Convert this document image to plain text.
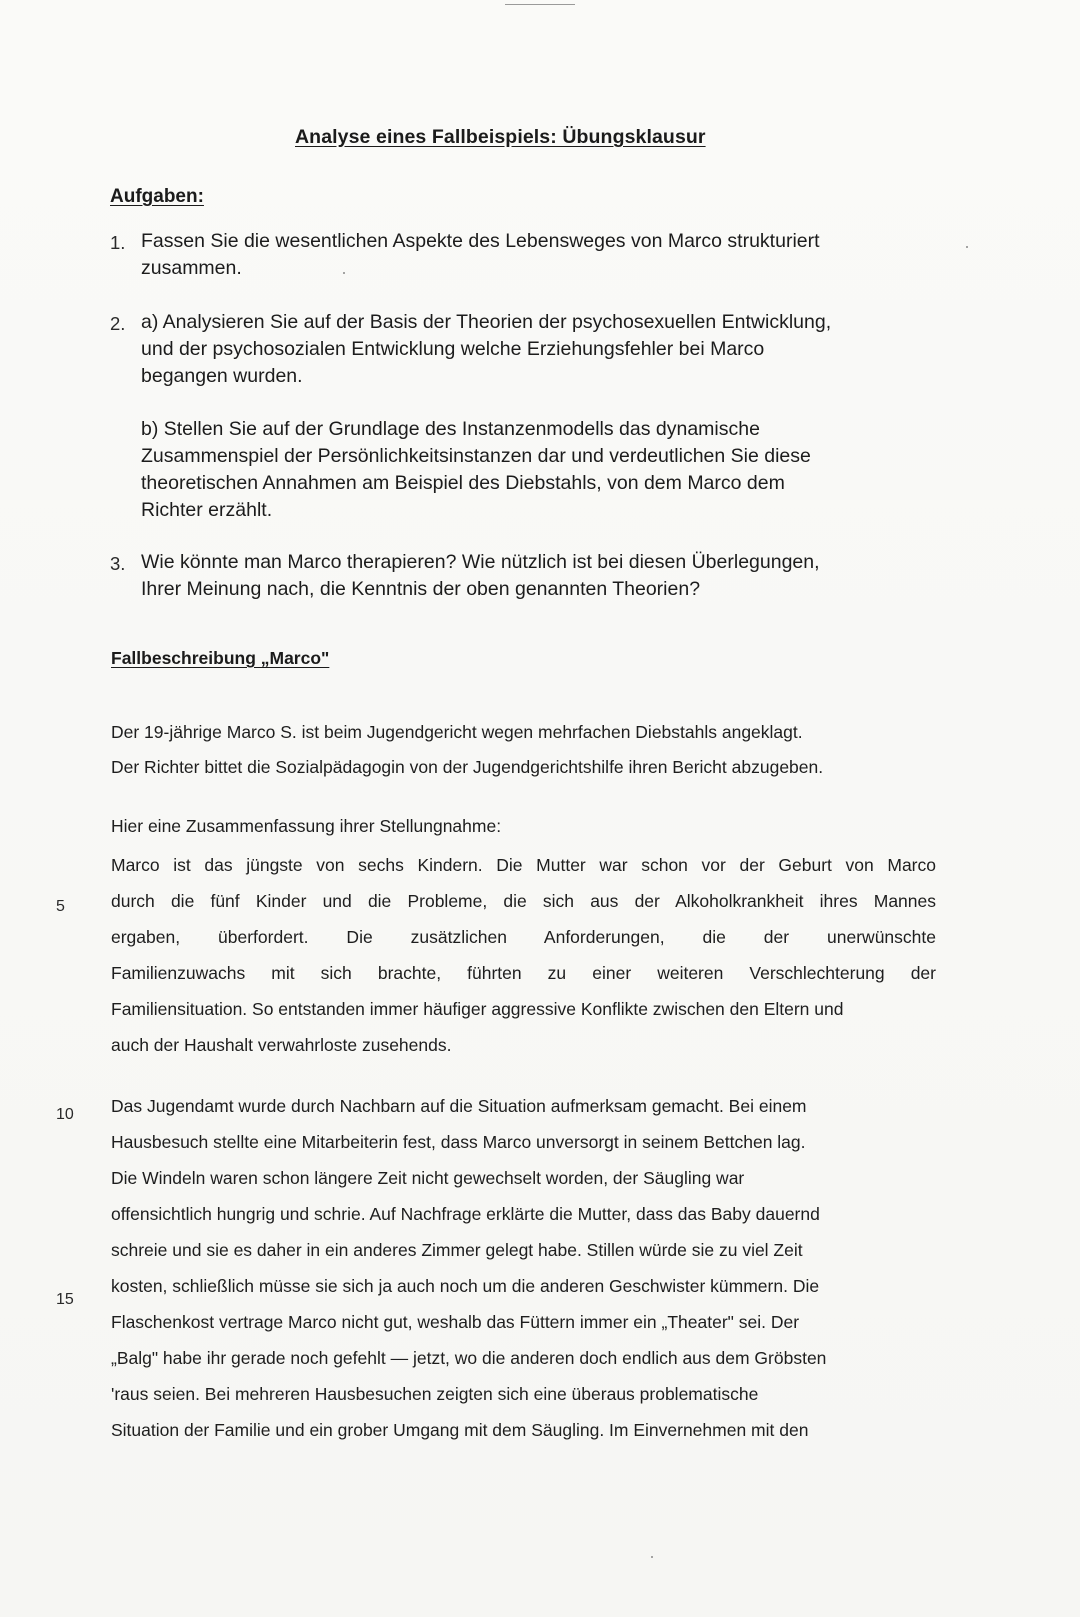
Analyse eines Fallbeispiels: Übungsklausur
Aufgaben:
1. Fassen Sie die wesentlichen Aspekte des Lebensweges von Marco strukturiert
zusammen.
2. a) Analysieren Sie auf der Basis der Theorien der psychosexuellen Entwicklung,
und der psychosozialen Entwicklung welche Erziehungsfehler bei Marco
begangen wurden.
b) Stellen Sie auf der Grundlage des Instanzenmodells das dynamische
Zusammenspiel der Persönlichkeitsinstanzen dar und verdeutlichen Sie diese
theoretischen Annahmen am Beispiel des Diebstahls, von dem Marco dem
Richter erzählt.
3. Wie könnte man Marco therapieren? Wie nützlich ist bei diesen Überlegungen,
Ihrer Meinung nach, die Kenntnis der oben genannten Theorien?
Fallbeschreibung „Marco"
Der 19-jährige Marco S. ist beim Jugendgericht wegen mehrfachen Diebstahls angeklagt.
Der Richter bittet die Sozialpädagogin von der Jugendgerichtshilfe ihren Bericht abzugeben.
Hier eine Zusammenfassung ihrer Stellungnahme:
Marco ist das jüngste von sechs Kindern. Die Mutter war schon vor der Geburt von Marco
durch die fünf Kinder und die Probleme, die sich aus der Alkoholkrankheit ihres Mannes
ergaben, überfordert. Die zusätzlichen Anforderungen, die der unerwünschte
Familienzuwachs mit sich brachte, führten zu einer weiteren Verschlechterung der
Familiensituation. So entstanden immer häufiger aggressive Konflikte zwischen den Eltern und
auch der Haushalt verwahrloste zusehends.
Das Jugendamt wurde durch Nachbarn auf die Situation aufmerksam gemacht. Bei einem
Hausbesuch stellte eine Mitarbeiterin fest, dass Marco unversorgt in seinem Bettchen lag.
Die Windeln waren schon längere Zeit nicht gewechselt worden, der Säugling war
offensichtlich hungrig und schrie. Auf Nachfrage erklärte die Mutter, dass das Baby dauernd
schreie und sie es daher in ein anderes Zimmer gelegt habe. Stillen würde sie zu viel Zeit
kosten, schließlich müsse sie sich ja auch noch um die anderen Geschwister kümmern. Die
Flaschenkost vertrage Marco nicht gut, weshalb das Füttern immer ein „Theater" sei. Der
„Balg" habe ihr gerade noch gefehlt — jetzt, wo die anderen doch endlich aus dem Gröbsten
'raus seien. Bei mehreren Hausbesuchen zeigten sich eine überaus problematische
Situation der Familie und ein grober Umgang mit dem Säugling. Im Einvernehmen mit den
5
10
15
